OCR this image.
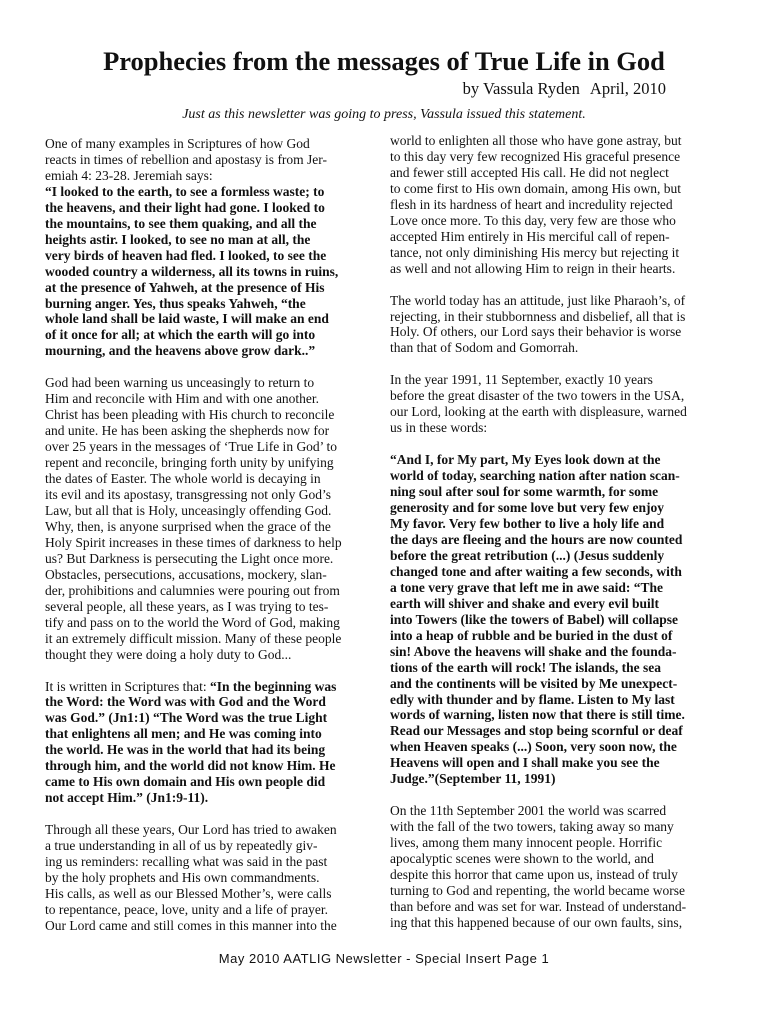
Prophecies from the messages of True Life in God
by Vassula Ryden April, 2010
Just as this newsletter was going to press, Vassula issued this statement.

One of many examples in Scriptures of how God
reacts in times of rebellion and apostasy is from Jer-
emiah 4: 23-28. Jeremiah says:
“I looked to the earth, to see a formless waste; to
the heavens, and their light had gone. I looked to
the mountains, to see them quaking, and all the
heights astir. I looked, to see no man at all, the
very birds of heaven had fled. I looked, to see the
wooded country a wilderness, all its towns in ruins,
at the presence of Yahweh, at the presence of His
burning anger. Yes, thus speaks Yahweh, “the
whole land shall be laid waste, I will make an end
of it once for all; at which the earth will go into
mourning, and the heavens above grow dark..”

God had been warning us unceasingly to return to
Him and reconcile with Him and with one another.
Christ has been pleading with His church to reconcile
and unite. He has been asking the shepherds now for
over 25 years in the messages of ‘True Life in God’ to
repent and reconcile, bringing forth unity by unifying
the dates of Easter. The whole world is decaying in
its evil and its apostasy, transgressing not only God’s
Law, but all that is Holy, unceasingly offending God.
Why, then, is anyone surprised when the grace of the
Holy Spirit increases in these times of darkness to help
us? But Darkness is persecuting the Light once more.
Obstacles, persecutions, accusations, mockery, slan-
der, prohibitions and calumnies were pouring out from
several people, all these years, as I was trying to tes-
tify and pass on to the world the Word of God, making
it an extremely difficult mission. Many of these people
thought they were doing a holy duty to God...

It is written in Scriptures that: “In the beginning was
the Word: the Word was with God and the Word
was God.” (Jn1:1) “The Word was the true Light
that enlightens all men; and He was coming into
the world. He was in the world that had its being
through him, and the world did not know Him. He
came to His own domain and His own people did
not accept Him.” (Jn1:9-11).

Through all these years, Our Lord has tried to awaken
a true understanding in all of us by repeatedly giv-
ing us reminders: recalling what was said in the past
by the holy prophets and His own commandments.
His calls, as well as our Blessed Mother’s, were calls
to repentance, peace, love, unity and a life of prayer.
Our Lord came and still comes in this manner into the

world to enlighten all those who have gone astray, but
to this day very few recognized His graceful presence
and fewer still accepted His call. He did not neglect
to come first to His own domain, among His own, but
flesh in its hardness of heart and incredulity rejected
Love once more. To this day, very few are those who
accepted Him entirely in His merciful call of repen-
tance, not only diminishing His mercy but rejecting it
as well and not allowing Him to reign in their hearts.

The world today has an attitude, just like Pharaoh’s, of
rejecting, in their stubbornness and disbelief, all that is
Holy. Of others, our Lord says their behavior is worse
than that of Sodom and Gomorrah.

In the year 1991, 11 September, exactly 10 years
before the great disaster of the two towers in the USA,
our Lord, looking at the earth with displeasure, warned
us in these words:

“And I, for My part, My Eyes look down at the
world of today, searching nation after nation scan-
ning soul after soul for some warmth, for some
generosity and for some love but very few enjoy
My favor. Very few bother to live a holy life and
the days are fleeing and the hours are now counted
before the great retribution (...) (Jesus suddenly
changed tone and after waiting a few seconds, with
a tone very grave that left me in awe said: “The
earth will shiver and shake and every evil built
into Towers (like the towers of Babel) will collapse
into a heap of rubble and be buried in the dust of
sin! Above the heavens will shake and the founda-
tions of the earth will rock! The islands, the sea
and the continents will be visited by Me unexpect-
edly with thunder and by flame. Listen to My last
words of warning, listen now that there is still time.
Read our Messages and stop being scornful or deaf
when Heaven speaks (...) Soon, very soon now, the
Heavens will open and I shall make you see the
Judge.”(September 11, 1991)

On the 11th September 2001 the world was scarred
with the fall of the two towers, taking away so many
lives, among them many innocent people. Horrific
apocalyptic scenes were shown to the world, and
despite this horror that came upon us, instead of truly
turning to God and repenting, the world became worse
than before and was set for war. Instead of understand-
ing that this happened because of our own faults, sins,

May 2010 AATLIG Newsletter - Special Insert Page 1
